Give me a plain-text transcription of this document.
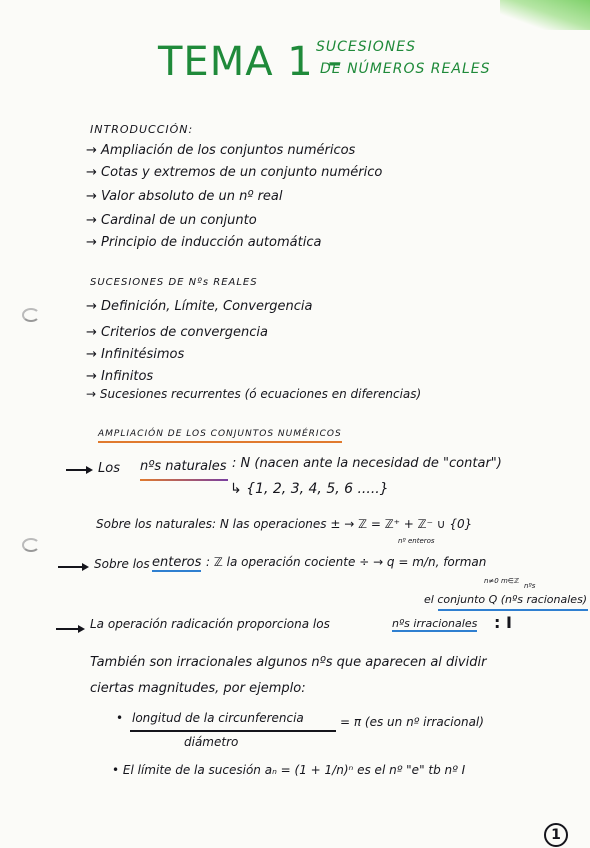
TEMA 1 -
SUCESIONES
DE NÚMEROS REALES
INTRODUCCIÓN:
→ Ampliación de los conjuntos numéricos
→ Cotas y extremos de un conjunto numérico
→ Valor absoluto de un nº real
→ Cardinal de un conjunto
→ Principio de inducción automática
SUCESIONES DE Nºs REALES
→ Definición, Límite, Convergencia
→ Criterios de convergencia
→ Infinitésimos
→ Infinitos
→ Sucesiones recurrentes (ó ecuaciones en diferencias)
AMPLIACIÓN DE LOS CONJUNTOS NUMÉRICOS
Los nºs naturales : N (nacen ante la necesidad de "contar")
↳ {1, 2, 3, 4, 5, 6 .....}
Sobre los naturales: N las operaciones ± → ℤ = ℤ⁺ + ℤ⁻ ∪ {0}
nº enteros
Sobre los enteros : ℤ la operación cociente ÷ → q = m/n, forman
n≠0 m∈ℤ
nºs
el conjunto Q (nºs racionales)
La operación radicación proporciona los	nºs irracionales : I
También son irracionales algunos nºs que aparecen al dividir
ciertas magnitudes, por ejemplo:
• longitud de la circunferencia
diámetro
= π (es un nº irracional)
• El límite de la sucesión aₙ = (1 + 1/n)ⁿ es el nº "e" tb nº I
1
